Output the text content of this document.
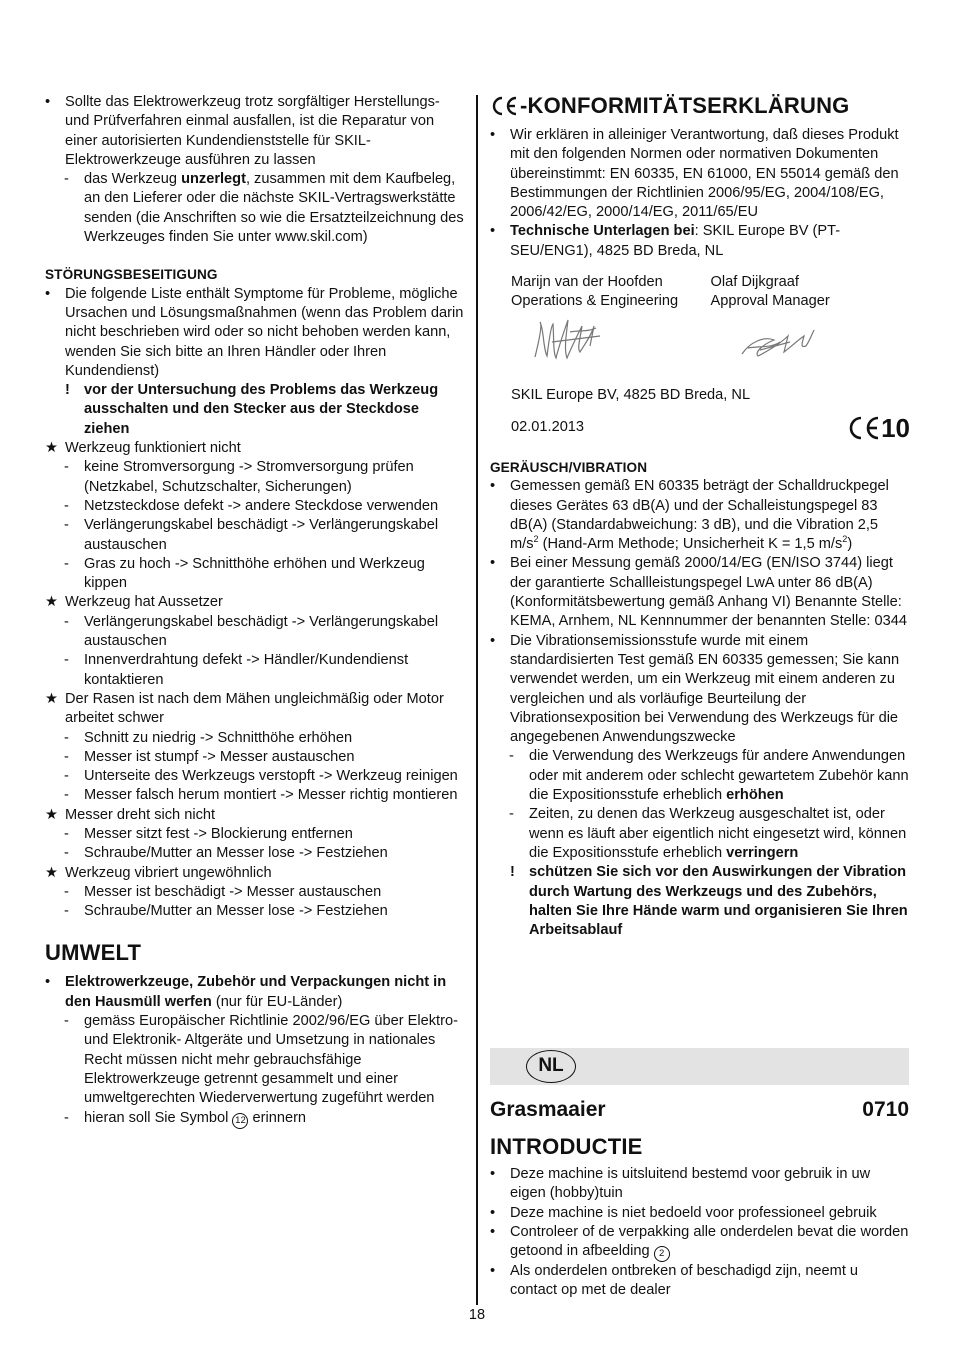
•	Sollte das Elektrowerkzeug trotz sorgfältiger Herstellungs- und Prüfverfahren einmal ausfallen, ist die Reparatur von einer autorisierten Kundendienststelle für SKIL-Elektrowerkzeuge ausführen zu lassen
-	das Werkzeug unzerlegt, zusammen mit dem Kaufbeleg, an den Lieferer oder die nächste SKIL-Vertragswerkstätte senden (die Anschriften so wie die Ersatzteilzeichnung des Werkzeuges finden Sie unter www.skil.com)
STÖRUNGSBESEITIGUNG
•	Die folgende Liste enthält Symptome für Probleme, mögliche Ursachen und Lösungsmaßnahmen (wenn das Problem darin nicht beschrieben wird oder so nicht behoben werden kann, wenden Sie sich bitte an Ihren Händler oder Ihren Kundendienst)
! vor der Untersuchung des Problems das Werkzeug ausschalten und den Stecker aus der Steckdose ziehen
★ Werkzeug funktioniert nicht
-	keine Stromversorgung -> Stromversorgung prüfen (Netzkabel, Schutzschalter, Sicherungen)
-	Netzsteckdose defekt -> andere Steckdose verwenden
-	Verlängerungskabel beschädigt -> Verlängerungskabel austauschen
-	Gras zu hoch -> Schnitthöhe erhöhen und Werkzeug kippen
★ Werkzeug hat Aussetzer
-	Verlängerungskabel beschädigt -> Verlängerungskabel austauschen
-	Innenverdrahtung defekt -> Händler/Kundendienst kontaktieren
★ Der Rasen ist nach dem Mähen ungleichmäßig oder Motor arbeitet schwer
-	Schnitt zu niedrig -> Schnitthöhe erhöhen
-	Messer ist stumpf -> Messer austauschen
-	Unterseite des Werkzeugs verstopft -> Werkzeug reinigen
-	Messer falsch herum montiert -> Messer richtig montieren
★ Messer dreht sich nicht
-	Messer sitzt fest -> Blockierung entfernen
-	Schraube/Mutter an Messer lose -> Festziehen
★ Werkzeug vibriert ungewöhnlich
-	Messer ist beschädigt -> Messer austauschen
-	Schraube/Mutter an Messer lose -> Festziehen
UMWELT
•	Elektrowerkzeuge, Zubehör und Verpackungen nicht in den Hausmüll werfen (nur für EU-Länder)
-	gemäss Europäischer Richtlinie 2002/96/EG über Elektro- und Elektronik- Altgeräte und Umsetzung in nationales Recht müssen nicht mehr gebrauchsfähige Elektrowerkzeuge getrennt gesammelt und einer umweltgerechten Wiederverwertung zugeführt werden
-	hieran soll Sie Symbol 12 erinnern
-KONFORMITÄTSERKLÄRUNG
•	Wir erklären in alleiniger Verantwortung, daß dieses Produkt mit den folgenden Normen oder normativen Dokumenten übereinstimmt: EN 60335, EN 61000, EN 55014 gemäß den Bestimmungen der Richtlinien 2006/95/EG, 2004/108/EG, 2006/42/EG, 2000/14/EG, 2011/65/EU
•	Technische Unterlagen bei: SKIL Europe BV (PT-SEU/ENG1), 4825 BD Breda, NL
Marijn van der Hoofden
Operations & Engineering
Olaf Dijkgraaf
Approval Manager
SKIL Europe BV, 4825 BD Breda, NL
02.01.2013	10
GERÄUSCH/VIBRATION
•	Gemessen gemäß EN 60335 beträgt der Schalldruckpegel dieses Gerätes 63 dB(A) und der Schalleistungspegel 83 dB(A) (Standardabweichung: 3 dB), und die Vibration 2,5 $m/s^2$ (Hand-Arm Methode; Unsicherheit K = 1,5 $m/s^2$)
•	Bei einer Messung gemäß 2000/14/EG (EN/ISO 3744) liegt der garantierte Schallleistungspegel LwA unter 86 dB(A) (Konformitätsbewertung gemäß Anhang VI) Benannte Stelle: KEMA, Arnhem, NL Kennnummer der benannten Stelle: 0344
•	Die Vibrationsemissionsstufe wurde mit einem standardisierten Test gemäß EN 60335 gemessen; Sie kann verwendet werden, um ein Werkzeug mit einem anderen zu vergleichen und als vorläufige Beurteilung der Vibrationsexposition bei Verwendung des Werkzeugs für die angegebenen Anwendungszwecke
-	die Verwendung des Werkzeugs für andere Anwendungen oder mit anderem oder schlecht gewartetem Zubehör kann die Expositionsstufe erheblich erhöhen
-	Zeiten, zu denen das Werkzeug ausgeschaltet ist, oder wenn es läuft aber eigentlich nicht eingesetzt wird, können die Expositionsstufe erheblich verringern
! schützen Sie sich vor den Auswirkungen der Vibration durch Wartung des Werkzeugs und des Zubehörs, halten Sie Ihre Hände warm und organisieren Sie Ihren Arbeitsablauf
NL
Grasmaaier	0710
INTRODUCTIE
•	Deze machine is uitsluitend bestemd voor gebruik in uw eigen (hobby)tuin
•	Deze machine is niet bedoeld voor professioneel gebruik
•	Controleer of de verpakking alle onderdelen bevat die worden getoond in afbeelding 2
•	Als onderdelen ontbreken of beschadigd zijn, neemt u contact op met de dealer
18
